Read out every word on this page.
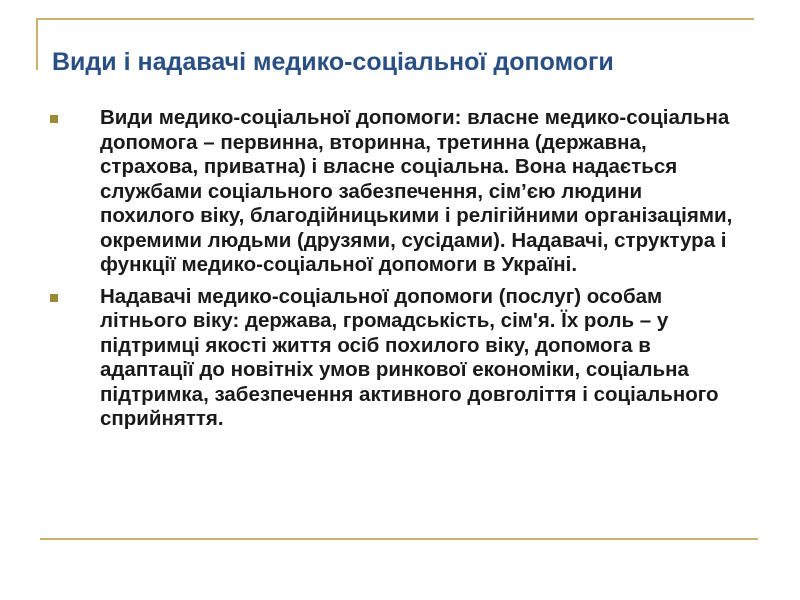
Види і надавачі медико-соціальної допомоги
Види медико-соціальної допомоги: власне медико-соціальна допомога – первинна, вторинна, третинна (державна, страхова, приватна) і власне соціальна. Вона надається службами соціального забезпечення, сім’єю людини похилого віку, благодійницькими і релігійними організаціями, окремими людьми (друзями, сусідами). Надавачі, структура і функції медико-соціальної допомоги в Україні.
Надавачі медико-соціальної допомоги (послуг) особам літнього віку: держава, громадськість, сім'я. Їх роль – у підтримці якості життя осіб похилого віку, допомога в адаптації до новітніх умов ринкової економіки, соціальна підтримка, забезпечення активного довголіття і соціального сприйняття.
